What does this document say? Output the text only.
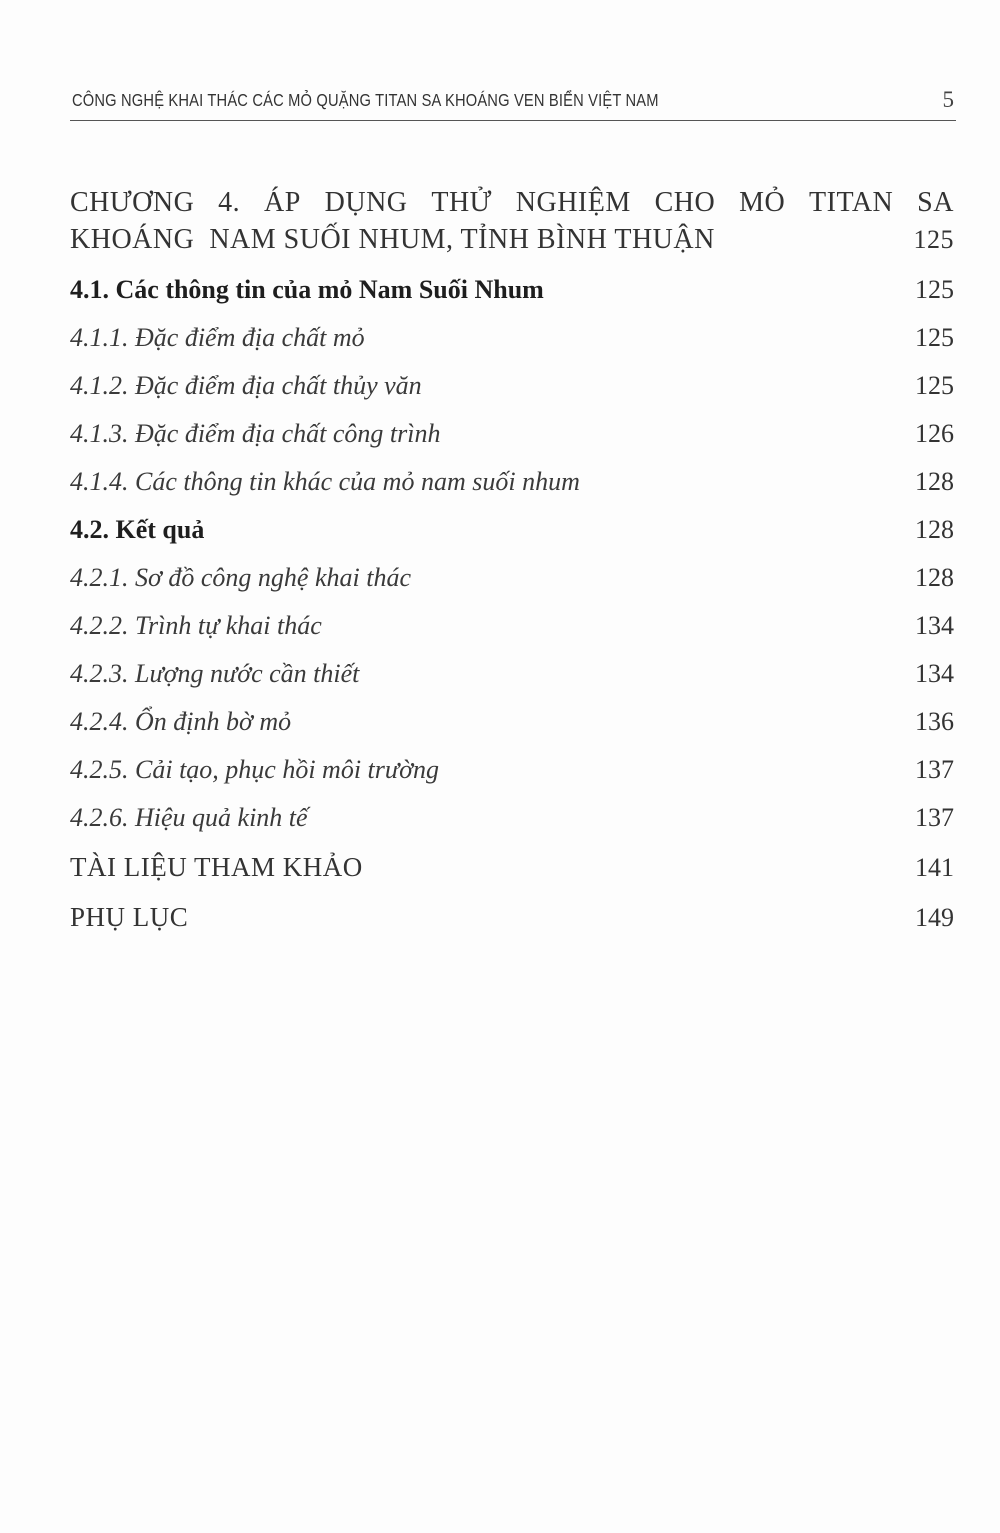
CÔNG NGHỆ KHAI THÁC CÁC MỎ QUẶNG TITAN SA KHOÁNG VEN BIỂN VIỆT NAM	5
CHƯƠNG 4. ÁP DỤNG THỬ NGHIỆM CHO MỎ TITAN SA
KHOÁNG  NAM SUỐI NHUM, TỈNH BÌNH THUẬN	125
4.1. Các thông tin của mỏ Nam Suối Nhum	125
4.1.1. Đặc điểm địa chất mỏ	125
4.1.2. Đặc điểm địa chất thủy văn	125
4.1.3. Đặc điểm địa chất công trình	126
4.1.4. Các thông tin khác của mỏ nam suối nhum	128
4.2. Kết quả	128
4.2.1. Sơ đồ công nghệ khai thác	128
4.2.2. Trình tự khai thác	134
4.2.3. Lượng nước cần thiết	134
4.2.4. Ổn định bờ mỏ	136
4.2.5. Cải tạo, phục hồi môi trường	137
4.2.6. Hiệu quả kinh tế	137
TÀI LIỆU THAM KHẢO	141
PHỤ LỤC	149
